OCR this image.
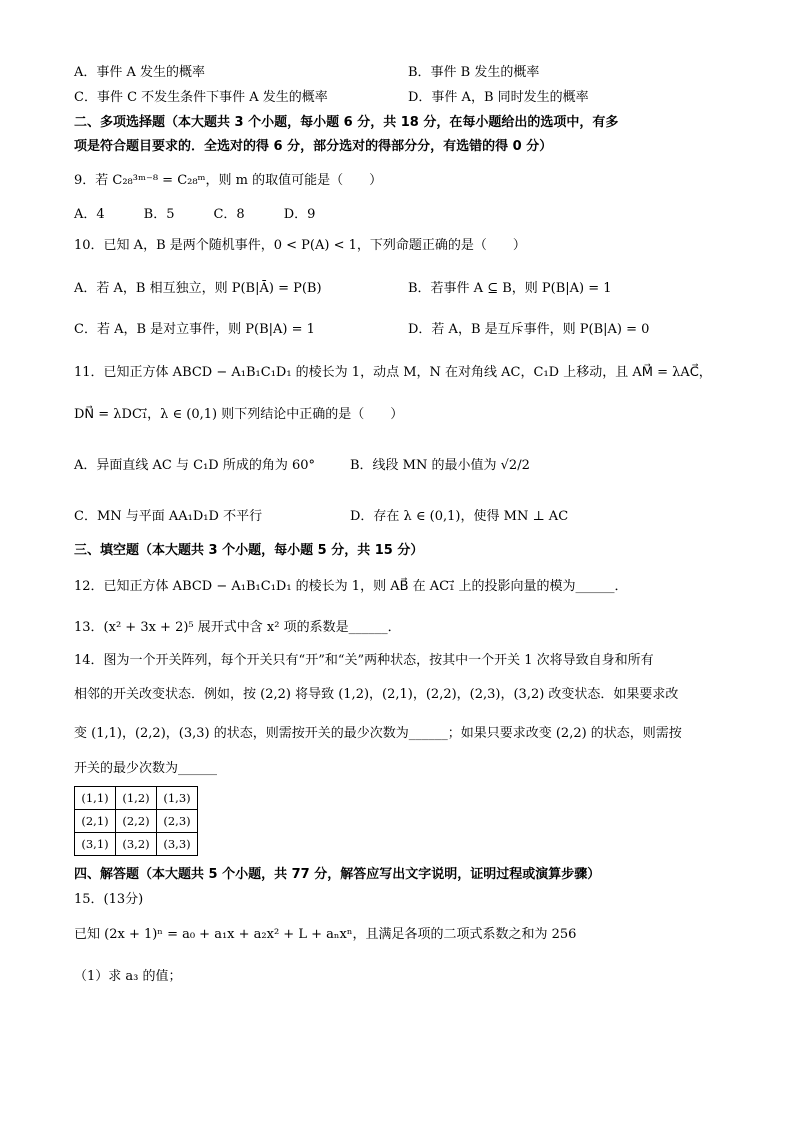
A．事件 A 发生的概率	B．事件 B 发生的概率
C．事件 C 不发生条件下事件 A 发生的概率	D．事件 A，B 同时发生的概率
二、多项选择题（本大题共 3 个小题，每小题 6 分，共 18 分，在每小题给出的选项中，有多
项是符合题目要求的．全选对的得 6 分，部分选对的得部分分，有选错的得 0 分）
9．若 C₂₈³ᵐ⁻⁸ = C₂₈ᵐ，则 m 的取值可能是（　　）
A．4　　　B．5　　　C．8　　　D．9
10．已知 A，B 是两个随机事件，0 < P(A) < 1，下列命题正确的是（　　）
A．若 A，B 相互独立，则 P(B|Ā) = P(B)	B．若事件 A ⊆ B，则 P(B|A) = 1
C．若 A，B 是对立事件，则 P(B|A) = 1	D．若 A，B 是互斥事件，则 P(B|A) = 0
11．已知正方体 ABCD − A₁B₁C₁D₁ 的棱长为 1，动点 M，N 在对角线 AC，C₁D 上移动，且 AM⃗ = λAC⃗，
DN⃗ = λDC₁⃗，λ ∈ (0,1) 则下列结论中正确的是（　　）
A．异面直线 AC 与 C₁D 所成的角为 60°	B．线段 MN 的最小值为 √2/2
C．MN 与平面 AA₁D₁D 不平行	D．存在 λ ∈ (0,1)，使得 MN ⊥ AC
三、填空题（本大题共 3 个小题，每小题 5 分，共 15 分）
12．已知正方体 ABCD − A₁B₁C₁D₁ 的棱长为 1，则 AB⃗ 在 AC₁⃗ 上的投影向量的模为______．
13．(x² + 3x + 2)⁵ 展开式中含 x² 项的系数是______．
14．图为一个开关阵列，每个开关只有“开”和“关”两种状态，按其中一个开关 1 次将导致自身和所有
相邻的开关改变状态．例如，按 (2,2) 将导致 (1,2)，(2,1)，(2,2)，(2,3)，(3,2) 改变状态．如果要求改
变 (1,1)，(2,2)，(3,3) 的状态，则需按开关的最少次数为______；如果只要求改变 (2,2) 的状态，则需按
开关的最少次数为______
(1,1)	(1,2)	(1,3)
(2,1)	(2,2)	(2,3)
(3,1)	(3,2)	(3,3)
四、解答题（本大题共 5 个小题，共 77 分，解答应写出文字说明，证明过程或演算步骤）
15．(13分)
已知 (2x + 1)ⁿ = a₀ + a₁x + a₂x² + L + aₙxⁿ，且满足各项的二项式系数之和为 256
（1）求 a₃ 的值；
